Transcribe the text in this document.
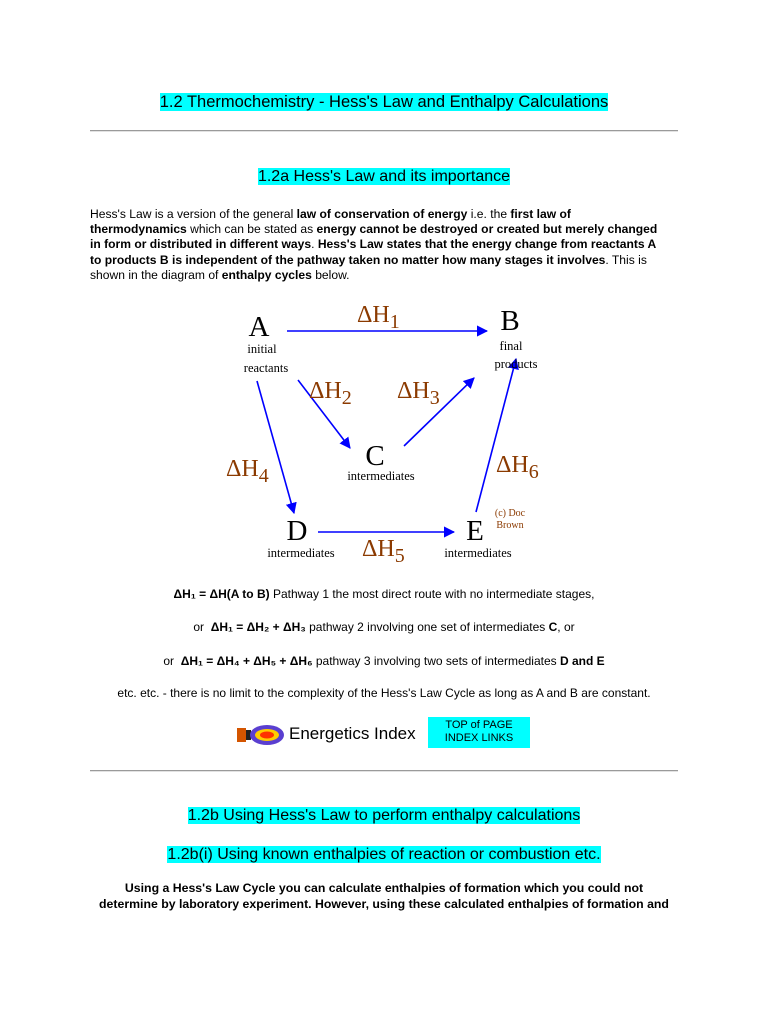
1.2 Thermochemistry - Hess's Law and Enthalpy Calculations
1.2a Hess's Law and its importance
Hess's Law is a version of the general law of conservation of energy i.e. the first law of thermodynamics which can be stated as energy cannot be destroyed or created but merely changed in form or distributed in different ways. Hess's Law states that the energy change from reactants A to products B is independent of the pathway taken no matter how many stages it involves. This is shown in the diagram of enthalpy cycles below.
A	B
C
D	E
initial
reactants
final
products
intermediates
intermediates	intermediates
(c) Doc
Brown
$\Delta H_1$
$\Delta H_2$ $\Delta H_3$
$\Delta H_4$
$\Delta H_5$
$\Delta H_6$
ΔH₁ = ΔH(A to B) Pathway 1 the most direct route with no intermediate stages,
or  ΔH₁ = ΔH₂ + ΔH₃ pathway 2 involving one set of intermediates C, or
or  ΔH₁ = ΔH₄ + ΔH₅ + ΔH₆ pathway 3 involving two sets of intermediates D and E
etc. etc. - there is no limit to the complexity of the Hess's Law Cycle as long as A and B are constant.
Energetics Index	TOP of PAGE
INDEX LINKS
1.2b Using Hess's Law to perform enthalpy calculations
1.2b(i) Using known enthalpies of reaction or combustion etc.
Using a Hess's Law Cycle you can calculate enthalpies of formation which you could not
determine by laboratory experiment. However, using these calculated enthalpies of formation and
